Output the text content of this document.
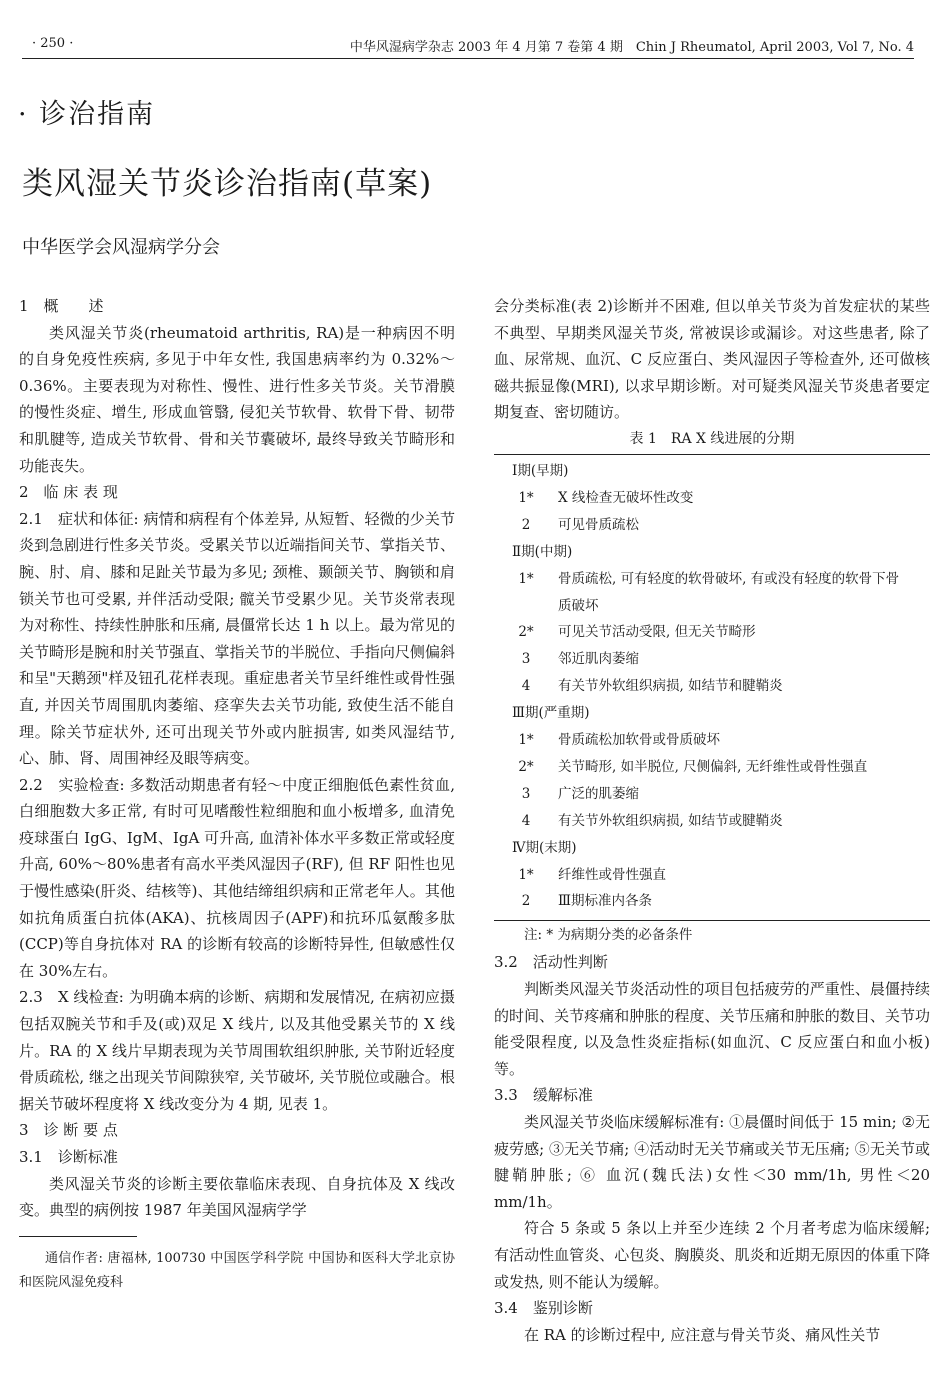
· 250 ·	中华风湿病学杂志 2003 年 4 月第 7 卷第 4 期　Chin J Rheumatol, April 2003, Vol 7, No. 4
· 诊治指南
类风湿关节炎诊治指南(草案)
中华医学会风湿病学分会

1　概　　述

类风湿关节炎(rheumatoid arthritis, RA)是一种病因不明的自身免疫性疾病, 多见于中年女性, 我国患病率约为 0.32%～0.36%。主要表现为对称性、慢性、进行性多关节炎。关节滑膜的慢性炎症、增生, 形成血管翳, 侵犯关节软骨、软骨下骨、韧带和肌腱等, 造成关节软骨、骨和关节囊破坏, 最终导致关节畸形和功能丧失。

2　临 床 表 现

2.1　症状和体征: 病情和病程有个体差异, 从短暂、轻微的少关节炎到急剧进行性多关节炎。受累关节以近端指间关节、掌指关节、腕、肘、肩、膝和足趾关节最为多见; 颈椎、颞颌关节、胸锁和肩锁关节也可受累, 并伴活动受限; 髋关节受累少见。关节炎常表现为对称性、持续性肿胀和压痛, 晨僵常长达 1 h 以上。最为常见的关节畸形是腕和肘关节强直、掌指关节的半脱位、手指向尺侧偏斜和呈"天鹅颈"样及钮孔花样表现。重症患者关节呈纤维性或骨性强直, 并因关节周围肌肉萎缩、痉挛失去关节功能, 致使生活不能自理。除关节症状外, 还可出现关节外或内脏损害, 如类风湿结节, 心、肺、肾、周围神经及眼等病变。

2.2　实验检查: 多数活动期患者有轻～中度正细胞低色素性贫血, 白细胞数大多正常, 有时可见嗜酸性粒细胞和血小板增多, 血清免疫球蛋白 IgG、IgM、IgA 可升高, 血清补体水平多数正常或轻度升高, 60%～80%患者有高水平类风湿因子(RF), 但 RF 阳性也见于慢性感染(肝炎、结核等)、其他结缔组织病和正常老年人。其他如抗角质蛋白抗体(AKA)、抗核周因子(APF)和抗环瓜氨酸多肽(CCP)等自身抗体对 RA 的诊断有较高的诊断特异性, 但敏感性仅在 30%左右。

2.3　X 线检查: 为明确本病的诊断、病期和发展情况, 在病初应摄包括双腕关节和手及(或)双足 X 线片, 以及其他受累关节的 X 线片。RA 的 X 线片早期表现为关节周围软组织肿胀, 关节附近轻度骨质疏松, 继之出现关节间隙狭窄, 关节破坏, 关节脱位或融合。根据关节破坏程度将 X 线改变分为 4 期, 见表 1。

3　诊 断 要 点

3.1　诊断标准

类风湿关节炎的诊断主要依靠临床表现、自身抗体及 X 线改变。典型的病例按 1987 年美国风湿病学学

通信作者: 唐福林, 100730 中国医学科学院 中国协和医科大学北京协和医院风湿免疫科

会分类标准(表 2)诊断并不困难, 但以单关节炎为首发症状的某些不典型、早期类风湿关节炎, 常被误诊或漏诊。对这些患者, 除了血、尿常规、血沉、C 反应蛋白、类风湿因子等检查外, 还可做核磁共振显像(MRI), 以求早期诊断。对可疑类风湿关节炎患者要定期复查、密切随访。

表 1　RA X 线进展的分期

Ⅰ期(早期)
1*	X 线检查无破坏性改变
2	可见骨质疏松
Ⅱ期(中期)
1*	骨质疏松, 可有轻度的软骨破坏, 有或没有轻度的软骨下骨质破坏
2*	可见关节活动受限, 但无关节畸形
3	邻近肌肉萎缩
4	有关节外软组织病损, 如结节和腱鞘炎
Ⅲ期(严重期)
1*	骨质疏松加软骨或骨质破坏
2*	关节畸形, 如半脱位, 尺侧偏斜, 无纤维性或骨性强直
3	广泛的肌萎缩
4	有关节外软组织病损, 如结节或腱鞘炎
Ⅳ期(末期)
1*	纤维性或骨性强直
2	Ⅲ期标准内各条
注: * 为病期分类的必备条件

3.2　活动性判断

判断类风湿关节炎活动性的项目包括疲劳的严重性、晨僵持续的时间、关节疼痛和肿胀的程度、关节压痛和肿胀的数目、关节功能受限程度, 以及急性炎症指标(如血沉、C 反应蛋白和血小板)等。

3.3　缓解标准

类风湿关节炎临床缓解标准有: ①晨僵时间低于 15 min; ②无疲劳感; ③无关节痛; ④活动时无关节痛或关节无压痛; ⑤无关节或腱鞘肿胀; ⑥ 血沉(魏氏法)女性＜30 mm/1h, 男性＜20 mm/1h。

符合 5 条或 5 条以上并至少连续 2 个月者考虑为临床缓解; 有活动性血管炎、心包炎、胸膜炎、肌炎和近期无原因的体重下降或发热, 则不能认为缓解。

3.4　鉴别诊断

在 RA 的诊断过程中, 应注意与骨关节炎、痛风性关节
